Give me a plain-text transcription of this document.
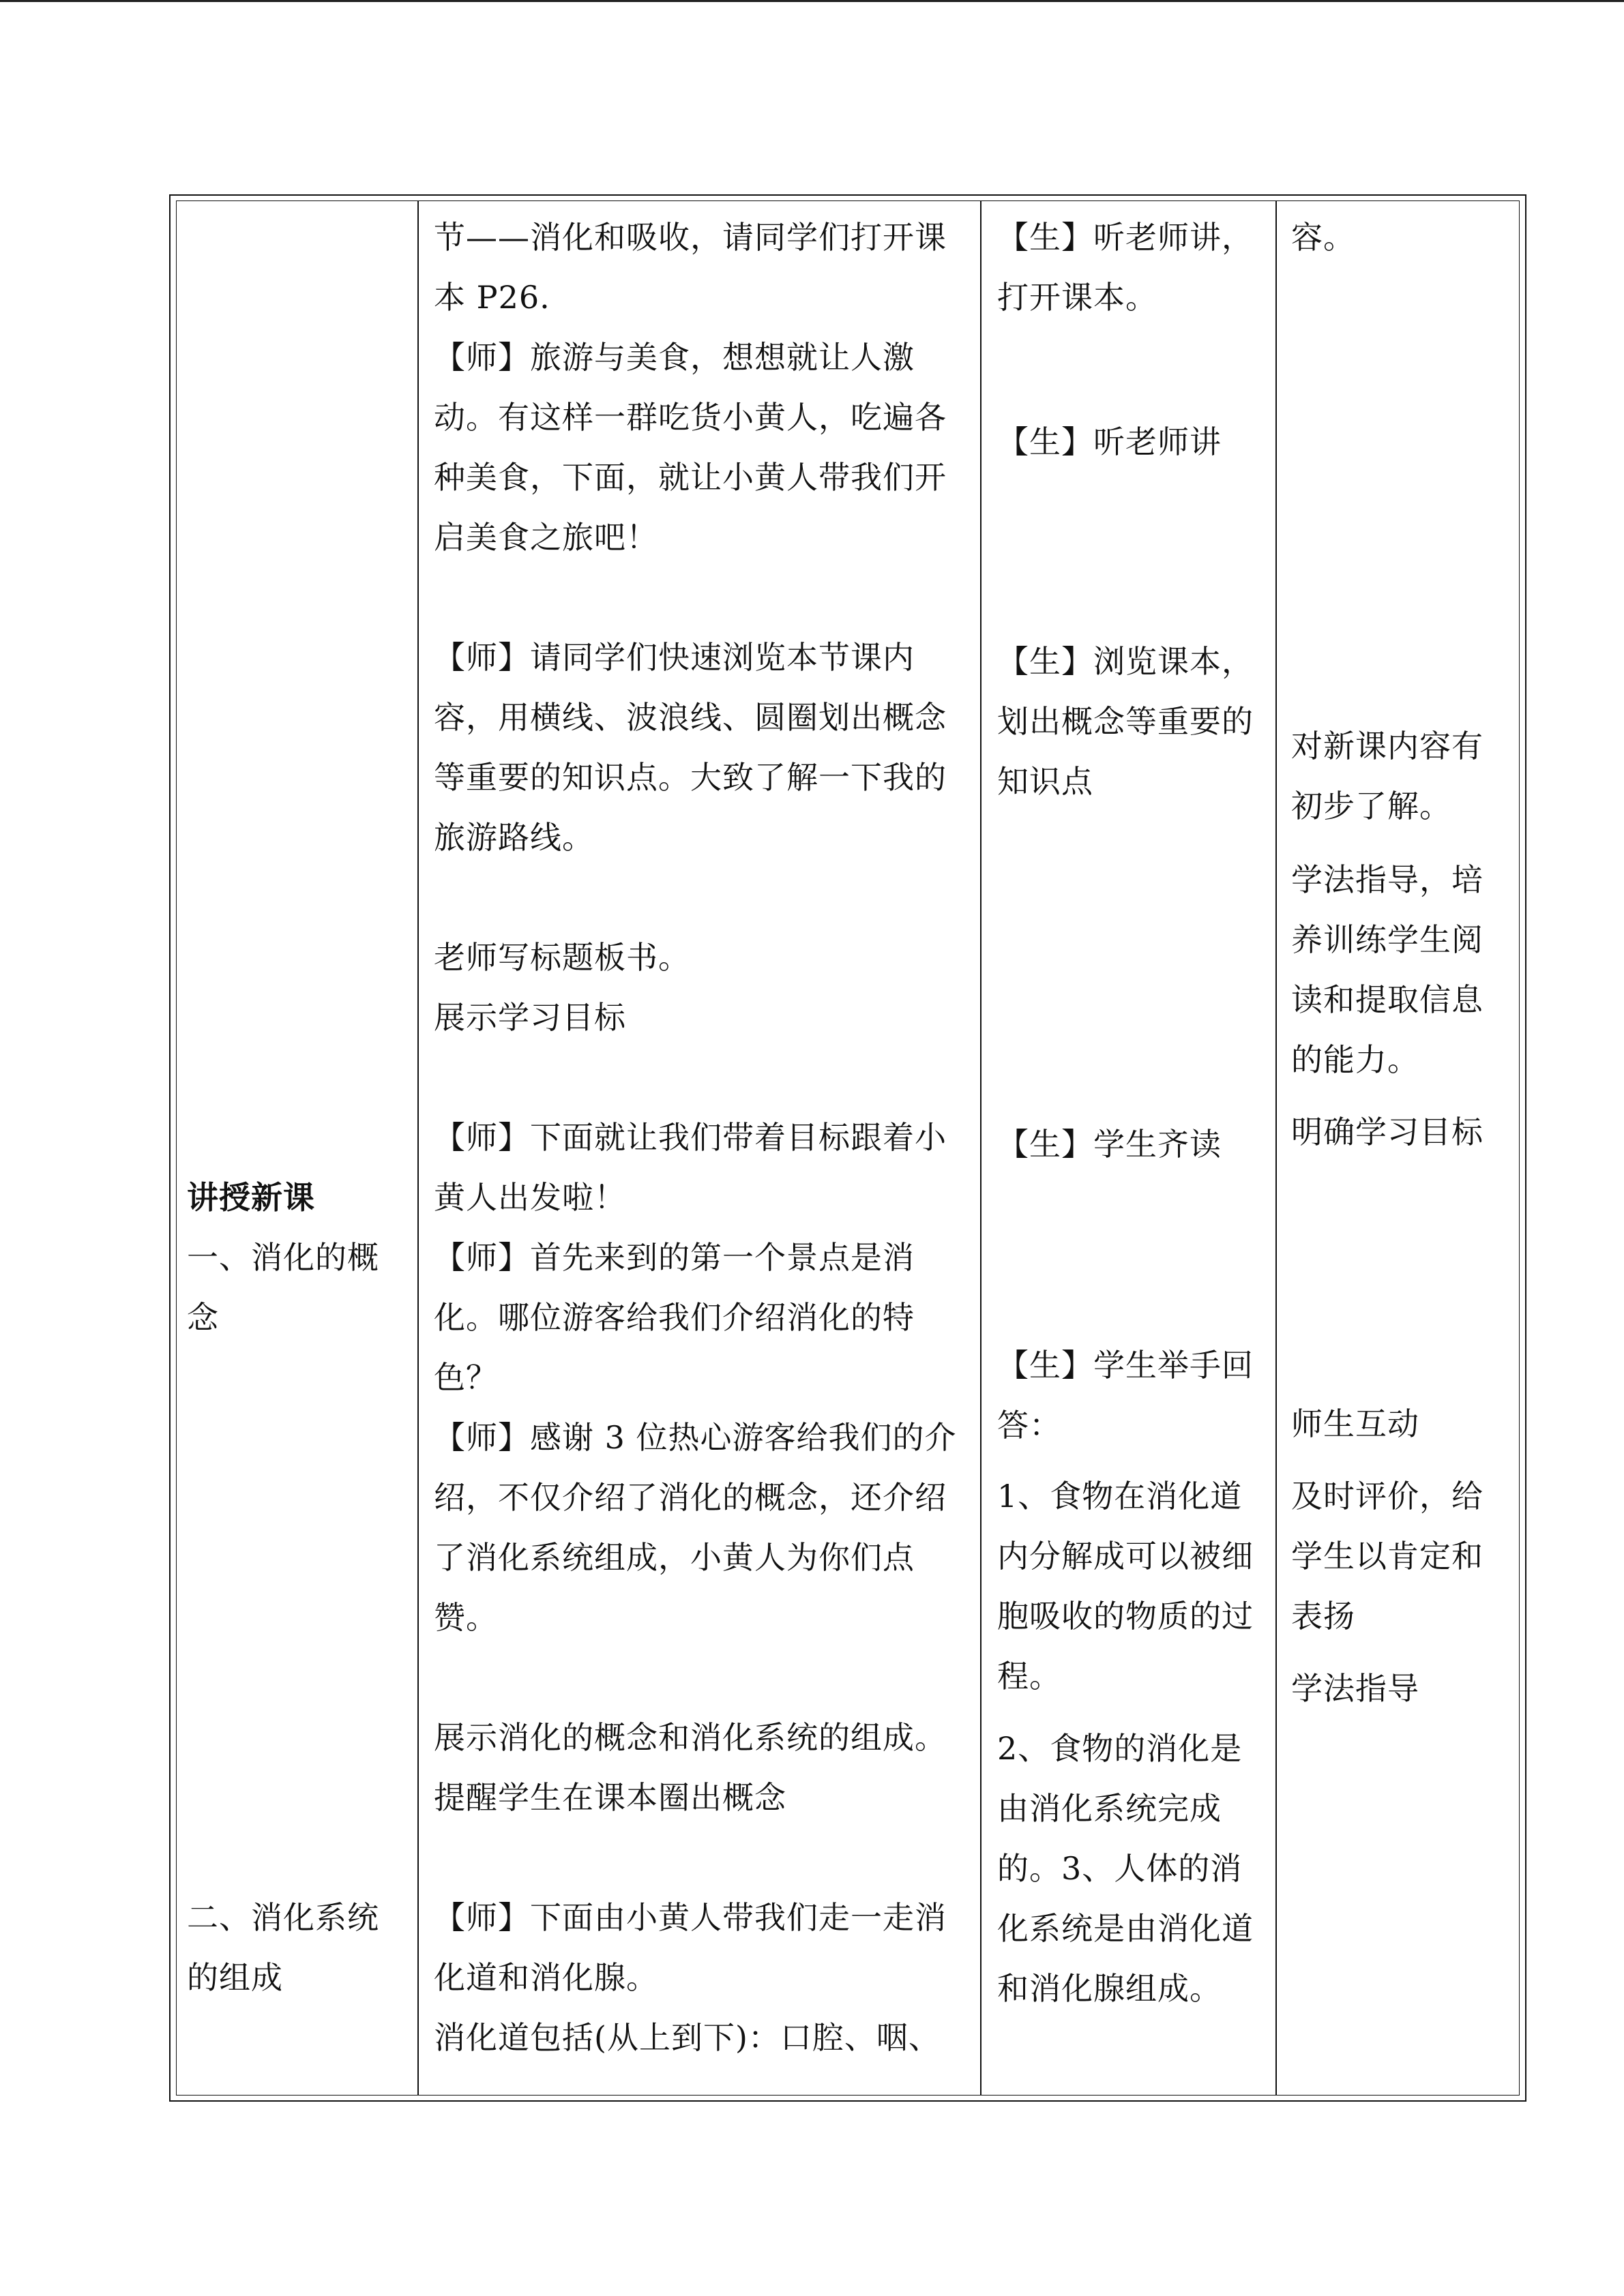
讲授新课
一、消化的概
念
二、消化系统
的组成
节——消化和吸收，请同学们打开课
本 P26.
【师】旅游与美食，想想就让人激
动。有这样一群吃货小黄人，吃遍各
种美食，下面，就让小黄人带我们开
启美食之旅吧！
【师】请同学们快速浏览本节课内
容，用横线、波浪线、圆圈划出概念
等重要的知识点。大致了解一下我的
旅游路线。
老师写标题板书。
展示学习目标
【师】下面就让我们带着目标跟着小
黄人出发啦！
【师】首先来到的第一个景点是消
化。哪位游客给我们介绍消化的特
色？
【师】感谢 3 位热心游客给我们的介
绍，不仅介绍了消化的概念，还介绍
了消化系统组成，小黄人为你们点
赞。
展示消化的概念和消化系统的组成。
提醒学生在课本圈出概念
【师】下面由小黄人带我们走一走消
化道和消化腺。
消化道包括(从上到下)：口腔、咽、
【生】听老师讲，
打开课本。
【生】听老师讲
【生】浏览课本，
划出概念等重要的
知识点
【生】学生齐读
【生】学生举手回
答：
1、食物在消化道
内分解成可以被细
胞吸收的物质的过
程。
2、食物的消化是
由消化系统完成
的。3、人体的消
化系统是由消化道
和消化腺组成。
容。
对新课内容有
初步了解。
学法指导，培
养训练学生阅
读和提取信息
的能力。
明确学习目标
师生互动
及时评价，给
学生以肯定和
表扬
学法指导
